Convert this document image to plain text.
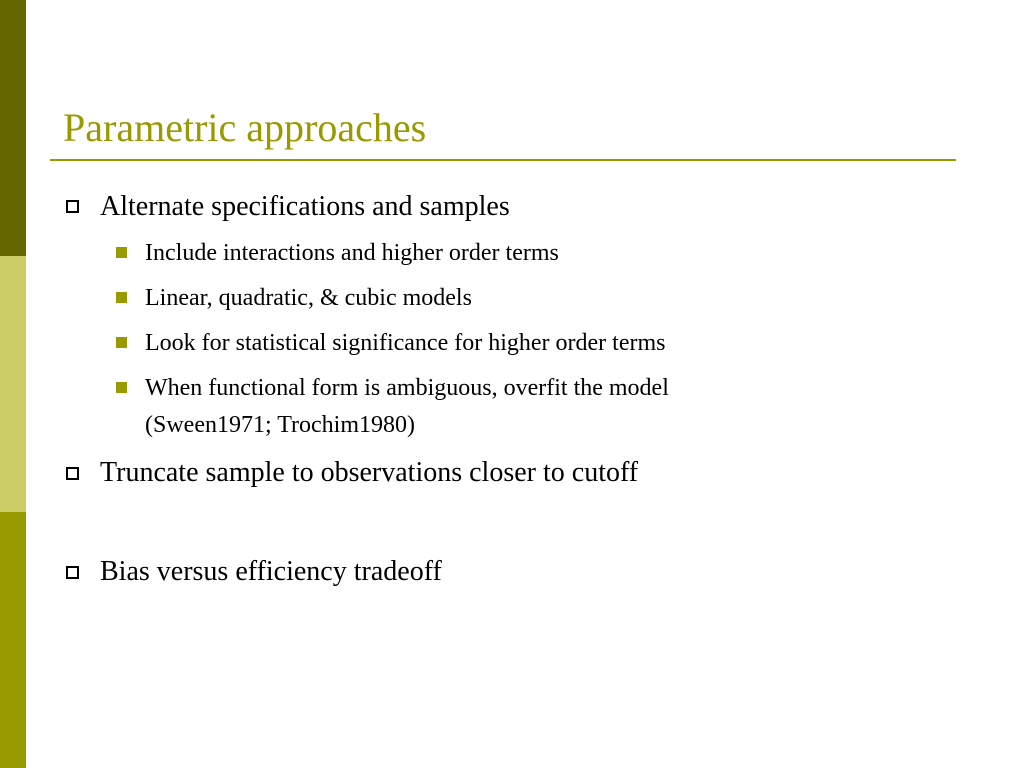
Parametric approaches
Alternate specifications and samples
Include interactions and higher order terms
Linear, quadratic, & cubic models
Look for statistical significance for higher order terms
When functional form is ambiguous, overfit the model
(Sween1971; Trochim1980)
Truncate sample to observations closer to cutoff
Bias versus efficiency tradeoff
